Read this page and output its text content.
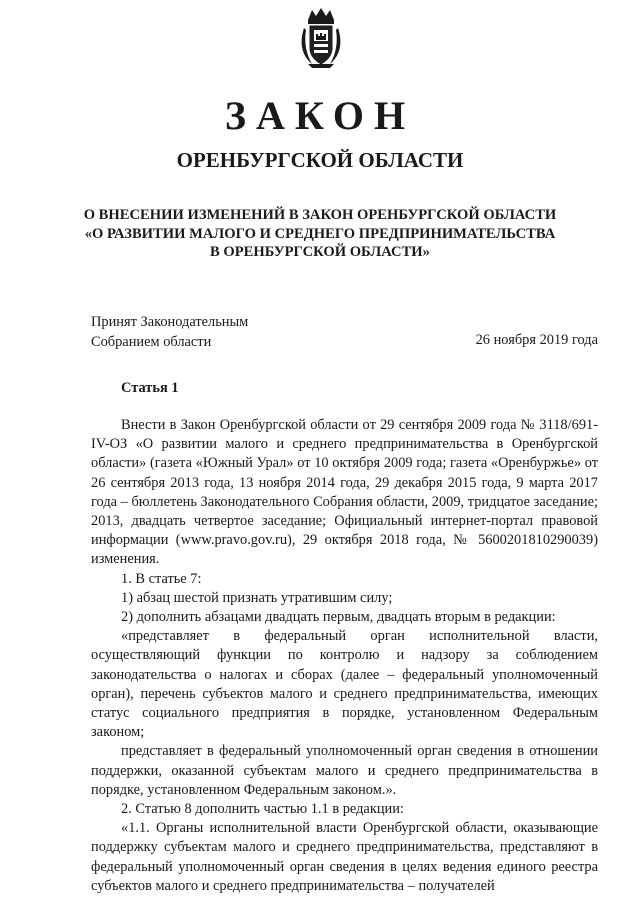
ЗАКОН
ОРЕНБУРГСКОЙ ОБЛАСТИ
О ВНЕСЕНИИ ИЗМЕНЕНИЙ В ЗАКОН ОРЕНБУРГСКОЙ ОБЛАСТИ
«О РАЗВИТИИ МАЛОГО И СРЕДНЕГО ПРЕДПРИНИМАТЕЛЬСТВА
В ОРЕНБУРГСКОЙ ОБЛАСТИ»
Принят Законодательным
Собранием области	26 ноября 2019 года
Статья 1

Внести в Закон Оренбургской области от 29 сентября 2009 года № 3118/691-IV-ОЗ «О развитии малого и среднего предпринимательства в Оренбургской области» (газета «Южный Урал» от 10 октября 2009 года; газета «Оренбуржье» от 26 сентября 2013 года, 13 ноября 2014 года, 29 декабря 2015 года, 9 марта 2017 года – бюллетень Законодательного Собрания области, 2009, тридцатое заседание; 2013, двадцать четвертое заседание; Официальный интернет-портал правовой информации (www.pravo.gov.ru), 29 октября 2018 года, № 5600201810290039) изменения.

1. В статье 7:

1) абзац шестой признать утратившим силу;

2) дополнить абзацами двадцать первым, двадцать вторым в редакции:

«представляет в федеральный орган исполнительной власти, осуществляющий функции по контролю и надзору за соблюдением законодательства о налогах и сборах (далее – федеральный уполномоченный орган), перечень субъектов малого и среднего предпринимательства, имеющих статус социального предприятия в порядке, установленном Федеральным законом;

представляет в федеральный уполномоченный орган сведения в отношении поддержки, оказанной субъектам малого и среднего предпринимательства в порядке, установленном Федеральным законом.».

2. Статью 8 дополнить частью 1.1 в редакции:

«1.1. Органы исполнительной власти Оренбургской области, оказывающие поддержку субъектам малого и среднего предпринимательства, представляют в федеральный уполномоченный орган сведения в целях ведения единого реестра субъектов малого и среднего предпринимательства – получателей
